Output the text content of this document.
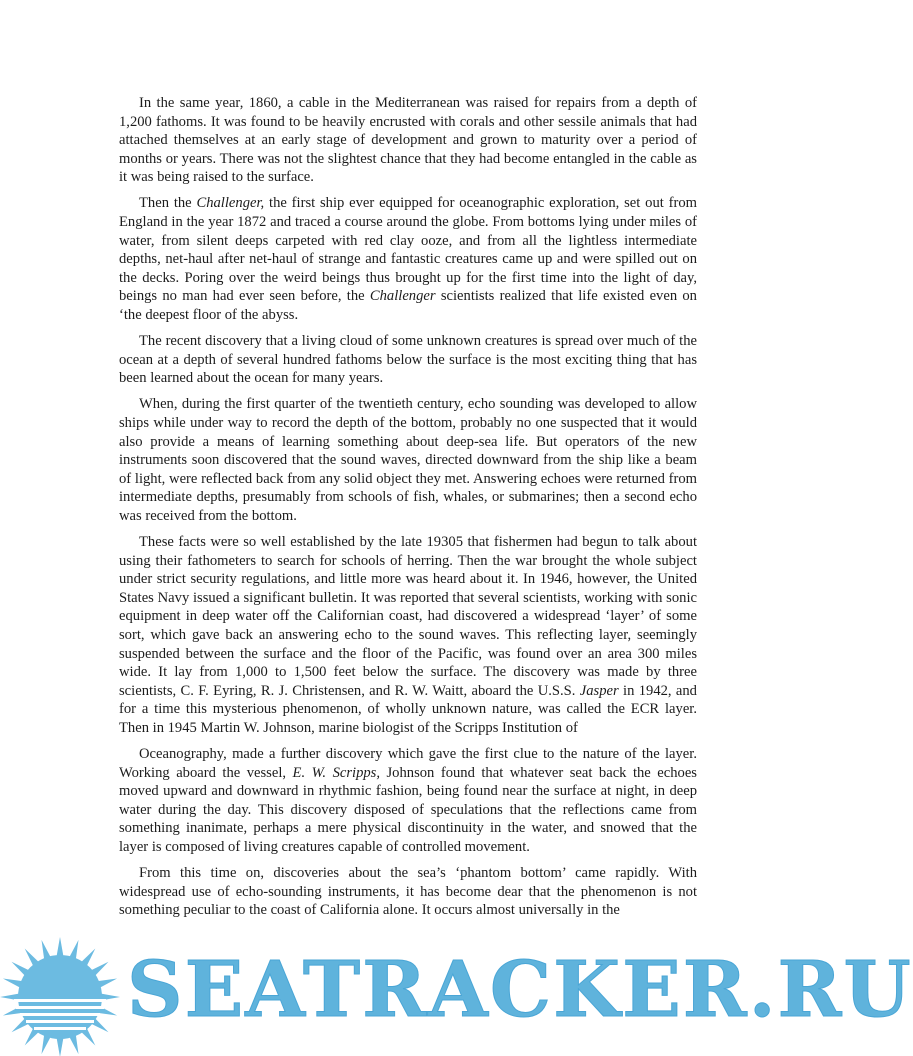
In the same year, 1860, a cable in the Mediterranean was raised for repairs from a depth of 1,200 fathoms. It was found to be heavily encrusted with corals and other sessile animals that had attached themselves at an early stage of development and grown to maturity over a period of months or years. There was not the slightest chance that they had become entangled in the cable as it was being raised to the surface.

Then the Challenger, the first ship ever equipped for oceanographic exploration, set out from England in the year 1872 and traced a course around the globe. From bottoms lying under miles of water, from silent deeps carpeted with red clay ooze, and from all the lightless intermediate depths, net-haul after net-haul of strange and fantastic creatures came up and were spilled out on the decks. Poring over the weird beings thus brought up for the first time into the light of day, beings no man had ever seen before, the Challenger scientists realized that life existed even on ‘the deepest floor of the abyss.

The recent discovery that a living cloud of some unknown creatures is spread over much of the ocean at a depth of several hundred fathoms below the surface is the most exciting thing that has been learned about the ocean for many years.

When, during the first quarter of the twentieth century, echo sounding was developed to allow ships while under way to record the depth of the bottom, probably no one suspected that it would also provide a means of learning something about deep-sea life. But operators of the new instruments soon discovered that the sound waves, directed downward from the ship like a beam of light, were reflected back from any solid object they met. Answering echoes were returned from intermediate depths, presumably from schools of fish, whales, or submarines; then a second echo was received from the bottom.

These facts were so well established by the late 19305 that fishermen had begun to talk about using their fathometers to search for schools of herring. Then the war brought the whole subject under strict security regulations, and little more was heard about it. In 1946, however, the United States Navy issued a significant bulletin. It was reported that several scientists, working with sonic equipment in deep water off the Californian coast, had discovered a widespread ‘layer’ of some sort, which gave back an answering echo to the sound waves. This reflecting layer, seemingly suspended between the surface and the floor of the Pacific, was found over an area 300 miles wide. It lay from 1,000 to 1,500 feet below the surface. The discovery was made by three scientists, C. F. Eyring, R. J. Christensen, and R. W. Waitt, aboard the U.S.S. Jasper in 1942, and for a time this mysterious phenomenon, of wholly unknown nature, was called the ECR layer. Then in 1945 Martin W. Johnson, marine biologist of the Scripps Institution of

Oceanography, made a further discovery which gave the first clue to the nature of the layer. Working aboard the vessel, E. W. Scripps, Johnson found that whatever seat back the echoes moved upward and downward in rhythmic fashion, being found near the surface at night, in deep water during the day. This discovery disposed of speculations that the reflections came from something inanimate, perhaps a mere physical discontinuity in the water, and snowed that the layer is composed of living creatures capable of controlled movement.

From this time on, discoveries about the sea’s ‘phantom bottom’ came rapidly. With widespread use of echo-sounding instruments, it has become dear that the phenomenon is not something peculiar to the coast of California alone. It occurs almost universally in the

SEATRACKER.RU
